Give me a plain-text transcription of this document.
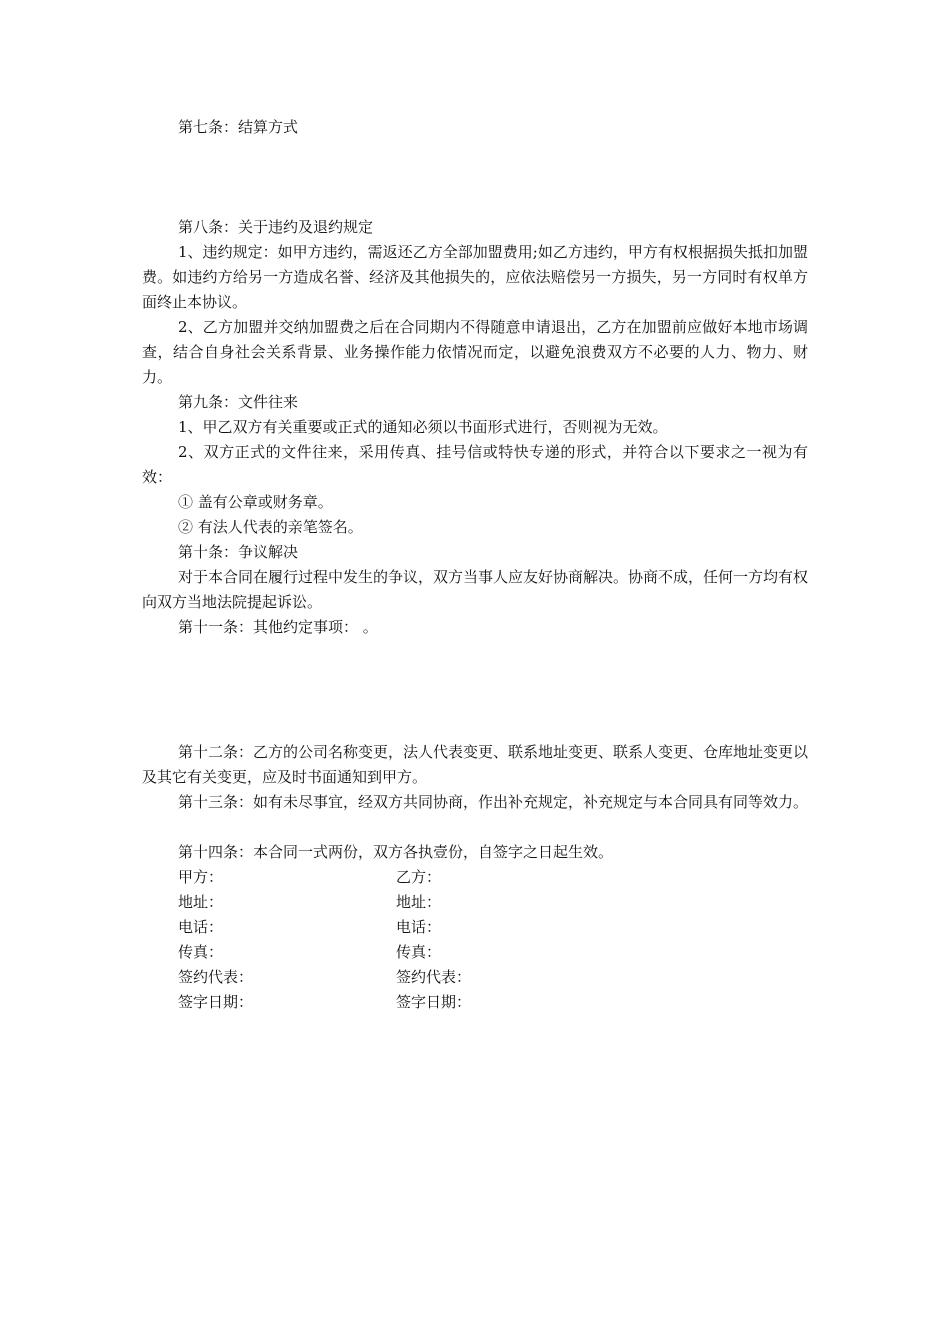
第七条：结算方式

第八条：关于违约及退约规定

1、违约规定：如甲方违约，需返还乙方全部加盟费用;如乙方违约，甲方有权根据损失抵扣加盟费。如违约方给另一方造成名誉、经济及其他损失的，应依法赔偿另一方损失，另一方同时有权单方面终止本协议。

2、乙方加盟并交纳加盟费之后在合同期内不得随意申请退出，乙方在加盟前应做好本地市场调查，结合自身社会关系背景、业务操作能力依情况而定，以避免浪费双方不必要的人力、物力、财力。

第九条：文件往来

1、甲乙双方有关重要或正式的通知必须以书面形式进行，否则视为无效。

2、双方正式的文件往来，采用传真、挂号信或特快专递的形式，并符合以下要求之一视为有效：

① 盖有公章或财务章。

② 有法人代表的亲笔签名。

第十条：争议解决

对于本合同在履行过程中发生的争议，双方当事人应友好协商解决。协商不成，任何一方均有权向双方当地法院提起诉讼。

第十一条：其他约定事项： 。

第十二条：乙方的公司名称变更，法人代表变更、联系地址变更、联系人变更、仓库地址变更以及其它有关变更，应及时书面通知到甲方。

第十三条：如有未尽事宜，经双方共同协商，作出补充规定，补充规定与本合同具有同等效力。

第十四条：本合同一式两份，双方各执壹份，自签字之日起生效。

甲方：	乙方：

地址：	地址：

电话：	电话：

传真：	传真：

签约代表：	签约代表：

签字日期：	签字日期：
